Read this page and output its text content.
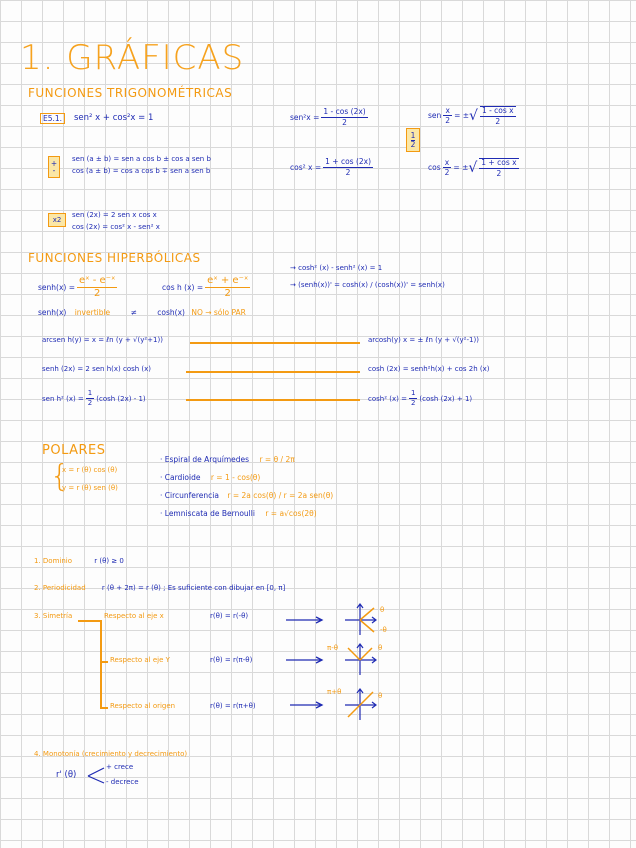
1. GRÁFICAS
FUNCIONES TRIGONOMÉTRICAS
E5.1.	sen² x + cos²x = 1	$sen^2x = \frac{1 - \cos (2x)}{2}$	sen $\frac{x}{2}$ = ± √ $\frac{\text{1 - cos x}}{2}$
$\frac{1}{2}$
+
-
sen (a ± b) = sen a cos b ± cos a sen b
cos (a ± b) = cos a cos b ∓ sen a sen b	cos² $x = \frac{1 + \cos (2x)}{2}$	$\cos \frac{x}{2}$ = ± √ $\frac{\text{1 + cos x}}{2}$
x2
sen (2x) = 2 sen x cos x
cos (2x) = cos² x - sen² x
FUNCIONES HIPERBÓLICAS
→ cosh² (x) - senh² (x) = 1
→ (senh(x))' = cosh(x) / (cosh(x))' = senh(x)
senh(x) = $\frac{\text{eˣ - e⁻ˣ}}{2}$	cos h $(x) = \frac{\text{eˣ + e⁻ˣ}}{2}$
senh(x) invertible	≠	cosh(x) NO → sólo PAR
arcsen h(y) = x = ℓn (y + √(y²+1))	arcosh(y) x = ± ℓn (y + √(y²-1))
senh (2x) = 2 sen h(x) cosh (x)	cosh (2x) = senh²h(x) + cos 2h (x)
sen h² $(x) = \frac{1}{2} (\cosh$ (2x) - 1)	cosh² $(x) = \frac{1}{2} (\cosh$ (2x) + 1)
POLARES
{
x = r (θ) cos (θ)
y = r (θ) sen (θ)
· Espiral de Arquímedes r = θ / 2π
· Cardioide r = 1 - cos(θ)
· Circunferencia r = 2a cos(θ) / r = 2a sen(θ)
· Lemniscata de Bernoulli r = a√cos(2θ)
1. Dominio	r (θ) ≥ 0
2. Periodicidad r (θ + 2π) = r (θ) ; Es suficiente con dibujar en [0, π]
3. Simetría	Respecto al eje x	r(θ) = r(-θ)
Respecto al eje Y	r(θ) = r(π-θ)
Respecto al origen	r(θ) = r(π+θ)
θ
-θ
π-θ	θ
π+θ	θ
4. Monotonía (crecimiento y decrecimiento)
r' (θ)
+ crece
- decrece
